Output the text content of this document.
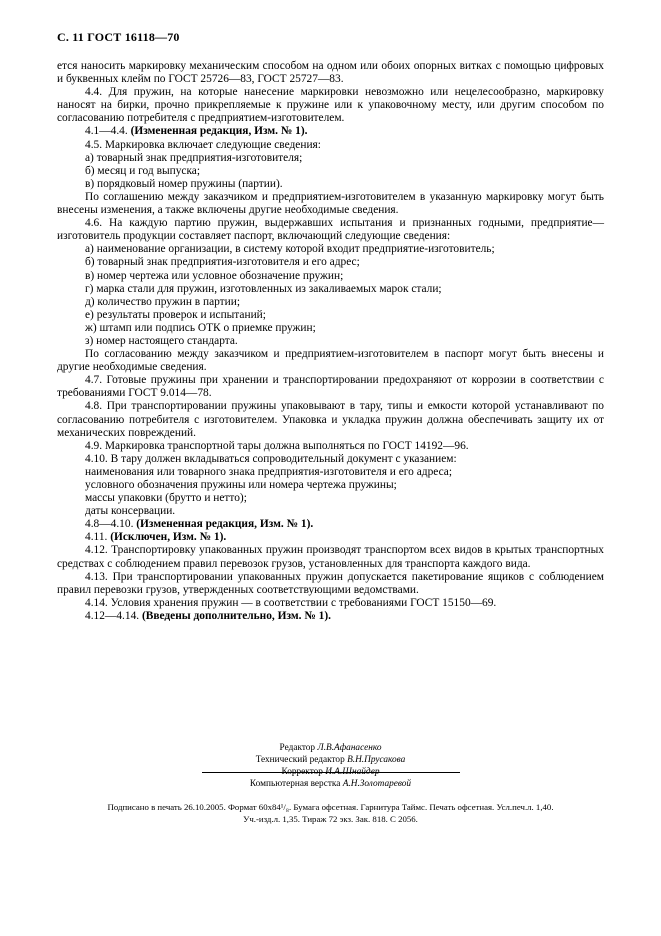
С. 11 ГОСТ 16118—70

ется наносить маркировку механическим способом на одном или обоих опорных витках с помощью цифровых и буквенных клейм по ГОСТ 25726—83, ГОСТ 25727—83.

4.4. Для пружин, на которые нанесение маркировки невозможно или нецелесообразно, маркировку наносят на бирки, прочно прикрепляемые к пружине или к упаковочному месту, или другим способом по согласованию потребителя с предприятием-изготовителем.

4.1—4.4. (Измененная редакция, Изм. № 1).

4.5. Маркировка включает следующие сведения:

а) товарный знак предприятия-изготовителя;

б) месяц и год выпуска;

в) порядковый номер пружины (партии).

По соглашению между заказчиком и предприятием-изготовителем в указанную маркировку могут быть внесены изменения, а также включены другие необходимые сведения.

4.6. На каждую партию пружин, выдержавших испытания и признанных годными, предприятие—изготовитель продукции составляет паспорт, включающий следующие сведения:

а) наименование организации, в систему которой входит предприятие-изготовитель;

б) товарный знак предприятия-изготовителя и его адрес;

в) номер чертежа или условное обозначение пружин;

г) марка стали для пружин, изготовленных из закаливаемых марок стали;

д) количество пружин в партии;

е) результаты проверок и испытаний;

ж) штамп или подпись ОТК о приемке пружин;

з) номер настоящего стандарта.

По согласованию между заказчиком и предприятием-изготовителем в паспорт могут быть внесены и другие необходимые сведения.

4.7. Готовые пружины при хранении и транспортировании предохраняют от коррозии в соответствии с требованиями ГОСТ 9.014—78.

4.8. При транспортировании пружины упаковывают в тару, типы и емкости которой устанавливают по согласованию потребителя с изготовителем. Упаковка и укладка пружин должна обеспечивать защиту их от механических повреждений.

4.9. Маркировка транспортной тары должна выполняться по ГОСТ 14192—96.

4.10. В тару должен вкладываться сопроводительный документ с указанием:

наименования или товарного знака предприятия-изготовителя и его адреса;

условного обозначения пружины или номера чертежа пружины;

массы упаковки (брутто и нетто);

даты консервации.

4.8—4.10. (Измененная редакция, Изм. № 1).

4.11. (Исключен, Изм. № 1).

4.12. Транспортировку упакованных пружин производят транспортом всех видов в крытых транспортных средствах с соблюдением правил перевозок грузов, установленных для транспорта каждого вида.

4.13. При транспортировании упакованных пружин допускается пакетирование ящиков с соблюдением правил перевозки грузов, утвержденных соответствующими ведомствами.

4.14. Условия хранения пружин — в соответствии с требованиями ГОСТ 15150—69.

4.12—4.14. (Введены дополнительно, Изм. № 1).

Редактор Л.В.Афанасенко

Технический редактор В.Н.Прусакова

Корректор И.А.Шнайдер

Компьютерная верстка А.Н.Золотаревой

Подписано в печать 26.10.2005. Формат 60х84¹/₈. Бумага офсетная. Гарнитура Таймс. Печать офсетная. Усл.печ.л. 1,40.

Уч.-изд.л. 1,35. Тираж 72 экз. Зак. 818. С 2056.
